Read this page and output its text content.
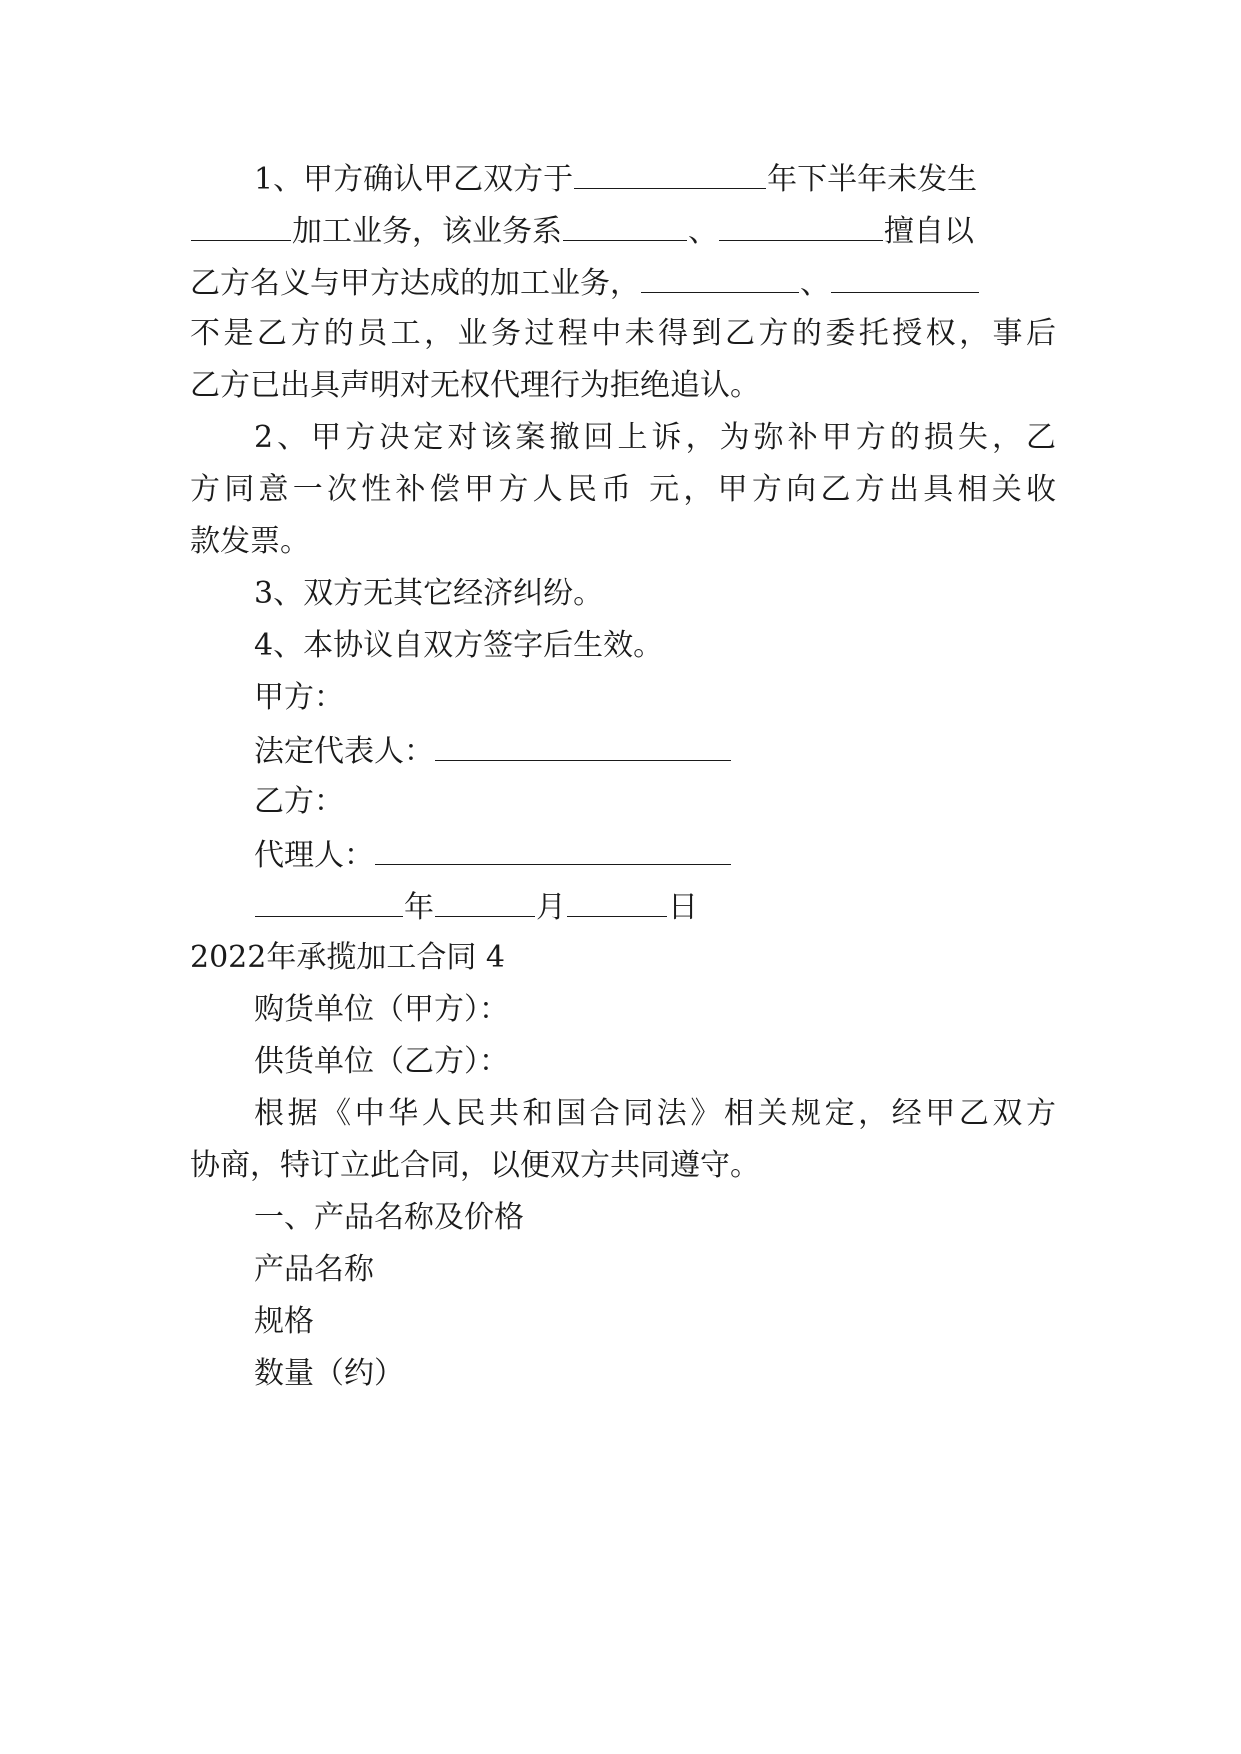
1、甲方确认甲乙双方于	年下半年未发生
加工业务，该业务系	、	擅自以
乙方名义与甲方达成的加工业务，	、
不是乙方的员工，业务过程中未得到乙方的委托授权，事后
乙方已出具声明对无权代理行为拒绝追认。
2、甲方决定对该案撤回上诉，为弥补甲方的损失，乙
方同意一次性补偿甲方人民币 元，甲方向乙方出具相关收
款发票。
3、双方无其它经济纠纷。
4、本协议自双方签字后生效。
甲方：
法定代表人：
乙方：
代理人：
年	月	日
2022年承揽加工合同 4
购货单位（甲方）：
供货单位（乙方）：
根据《中华人民共和国合同法》相关规定，经甲乙双方
协商，特订立此合同，以便双方共同遵守。
一、产品名称及价格
产品名称
规格
数量（约）
